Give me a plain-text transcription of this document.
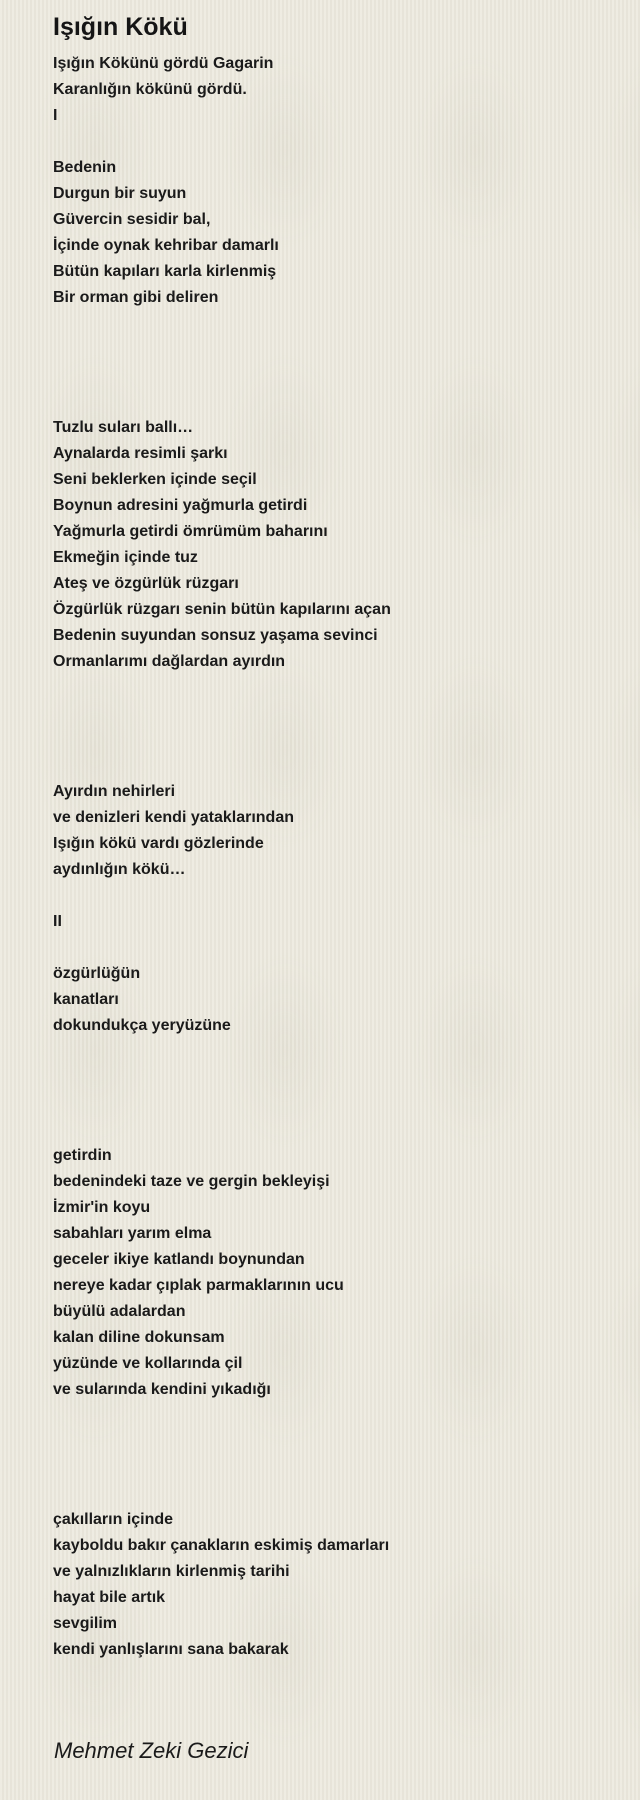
Işığın Kökü
Işığın Kökünü gördü Gagarin
Karanlığın kökünü gördü.
I
Bedenin
Durgun bir suyun
Güvercin sesidir bal,
İçinde oynak kehribar damarlı
Bütün kapıları karla kirlenmiş
Bir orman gibi deliren
Tuzlu suları ballı…
Aynalarda resimli şarkı
Seni beklerken içinde seçil
Boynun adresini yağmurla getirdi
Yağmurla getirdi ömrümüm baharını
Ekmeğin içinde tuz
Ateş ve özgürlük rüzgarı
Özgürlük rüzgarı senin bütün kapılarını açan
Bedenin suyundan sonsuz yaşama sevinci
Ormanlarımı dağlardan ayırdın
Ayırdın nehirleri
ve denizleri kendi yataklarından
Işığın kökü vardı gözlerinde
aydınlığın kökü…
II
özgürlüğün
kanatları
dokundukça yeryüzüne
getirdin
bedenindeki taze ve gergin bekleyişi
İzmir'in koyu
sabahları yarım elma
geceler ikiye katlandı boynundan
nereye kadar çıplak parmaklarının ucu
büyülü adalardan
kalan diline dokunsam
yüzünde ve kollarında çil
ve sularında kendini yıkadığı
çakılların içinde
kayboldu bakır çanakların eskimiş damarları
ve yalnızlıkların kirlenmiş tarihi
hayat bile artık
sevgilim
kendi yanlışlarını sana bakarak
Mehmet Zeki Gezici
